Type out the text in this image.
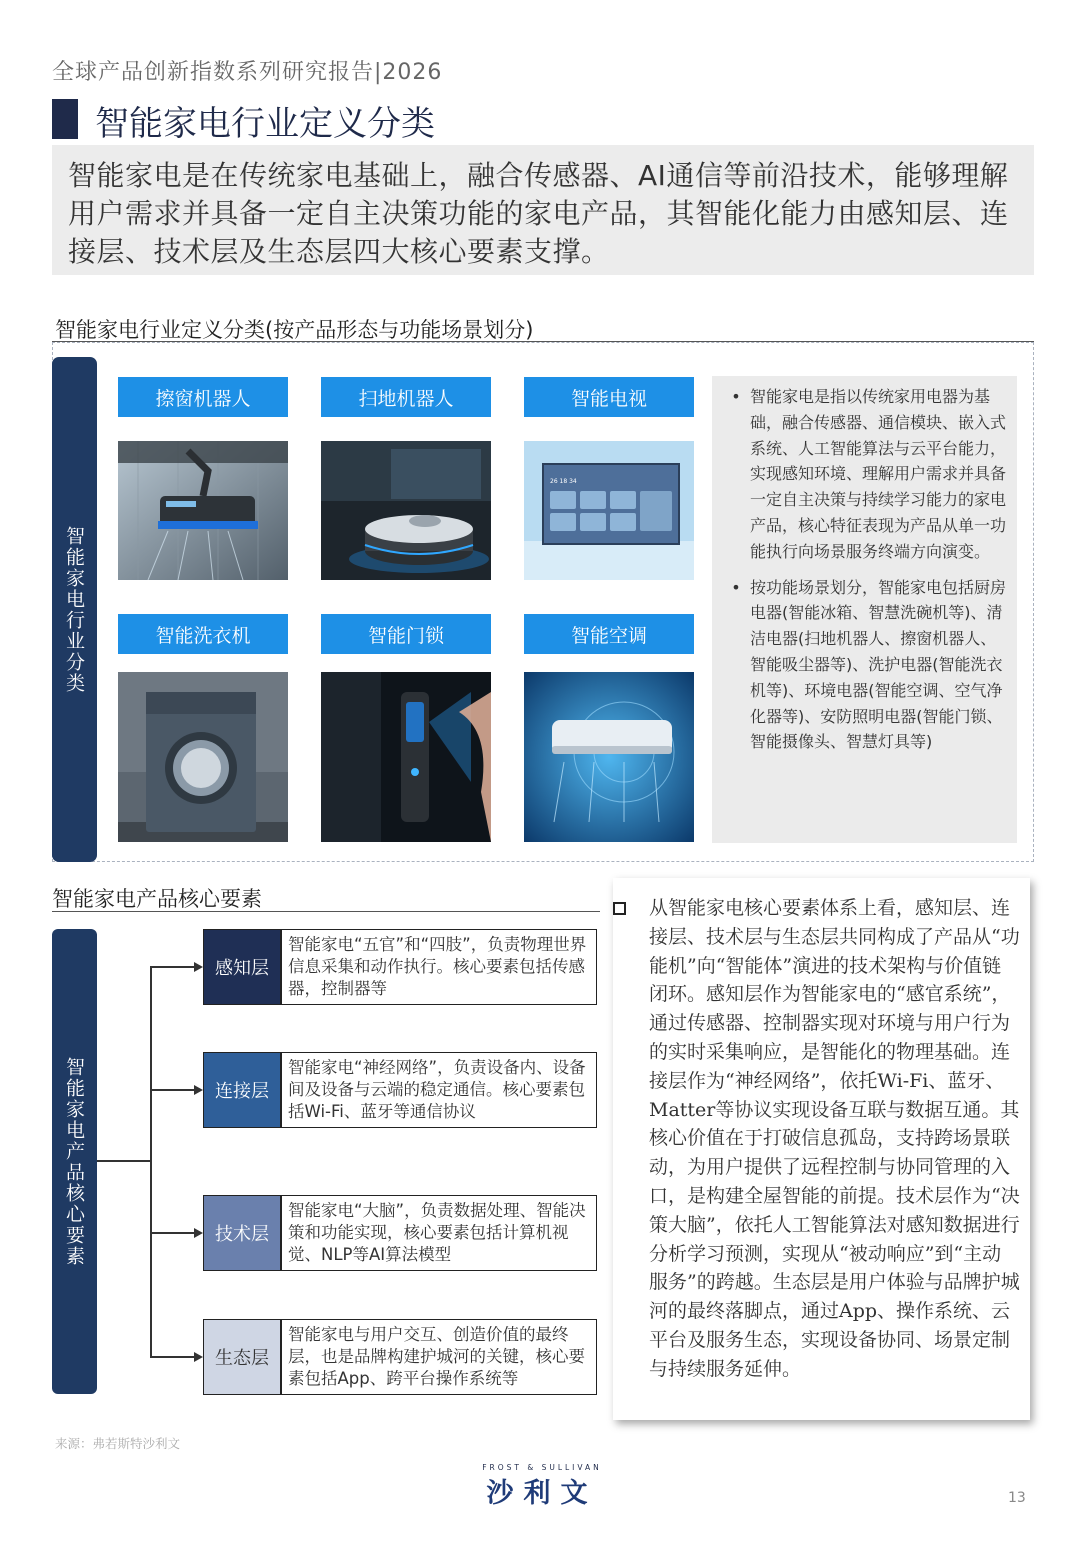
全球产品创新指数系列研究报告|2026
智能家电行业定义分类

智能家电是在传统家电基础上，融合传感器、AI通信等前沿技术，能够理解用户需求并具备一定自主决策功能的家电产品，其智能化能力由感知层、连接层、技术层及生态层四大核心要素支撑。

智能家电行业定义分类(按产品形态与功能场景划分)
智能家电行业分类
擦窗机器人	扫地机器人	智能电视
智能洗衣机	智能门锁	智能空调
26 18 34
• 智能家电是指以传统家用电器为基础，融合传感器、通信模块、嵌入式系统、人工智能算法与云平台能力，实现感知环境、理解用户需求并具备一定自主决策与持续学习能力的家电产品，核心特征表现为产品从单一功能执行向场景服务终端方向演变。
• 按功能场景划分，智能家电包括厨房电器(智能冰箱、智慧洗碗机等)、清洁电器(扫地机器人、擦窗机器人、智能吸尘器等)、洗护电器(智能洗衣机等)、环境电器(智能空调、空气净化器等)、安防照明电器(智能门锁、智能摄像头、智慧灯具等)
智能家电产品核心要素
智能家电产品核心要素
感知层
智能家电“五官”和“四肢”，负责物理世界信息采集和动作执行。核心要素包括传感器，控制器等
连接层
智能家电“神经网络”，负责设备内、设备间及设备与云端的稳定通信。核心要素包括Wi-Fi、蓝牙等通信协议
技术层
智能家电“大脑”，负责数据处理、智能决策和功能实现，核心要素包括计算机视觉、NLP等AI算法模型
生态层
智能家电与用户交互、创造价值的最终层，也是品牌构建护城河的关键，核心要素包括App、跨平台操作系统等

从智能家电核心要素体系上看，感知层、连接层、技术层与生态层共同构成了产品从“功能机”向“智能体”演进的技术架构与价值链闭环。感知层作为智能家电的“感官系统”，通过传感器、控制器实现对环境与用户行为的实时采集响应，是智能化的物理基础。连接层作为“神经网络”，依托Wi-Fi、蓝牙、Matter等协议实现设备互联与数据互通。其核心价值在于打破信息孤岛，支持跨场景联动，为用户提供了远程控制与协同管理的入口，是构建全屋智能的前提。技术层作为“决策大脑”，依托人工智能算法对感知数据进行分析学习预测，实现从“被动响应”到“主动服务”的跨越。生态层是用户体验与品牌护城河的最终落脚点，通过App、操作系统、云平台及服务生态，实现设备协同、场景定制与持续服务延伸。

来源：弗若斯特沙利文
FROST & SULLIVAN
沙利文	13
